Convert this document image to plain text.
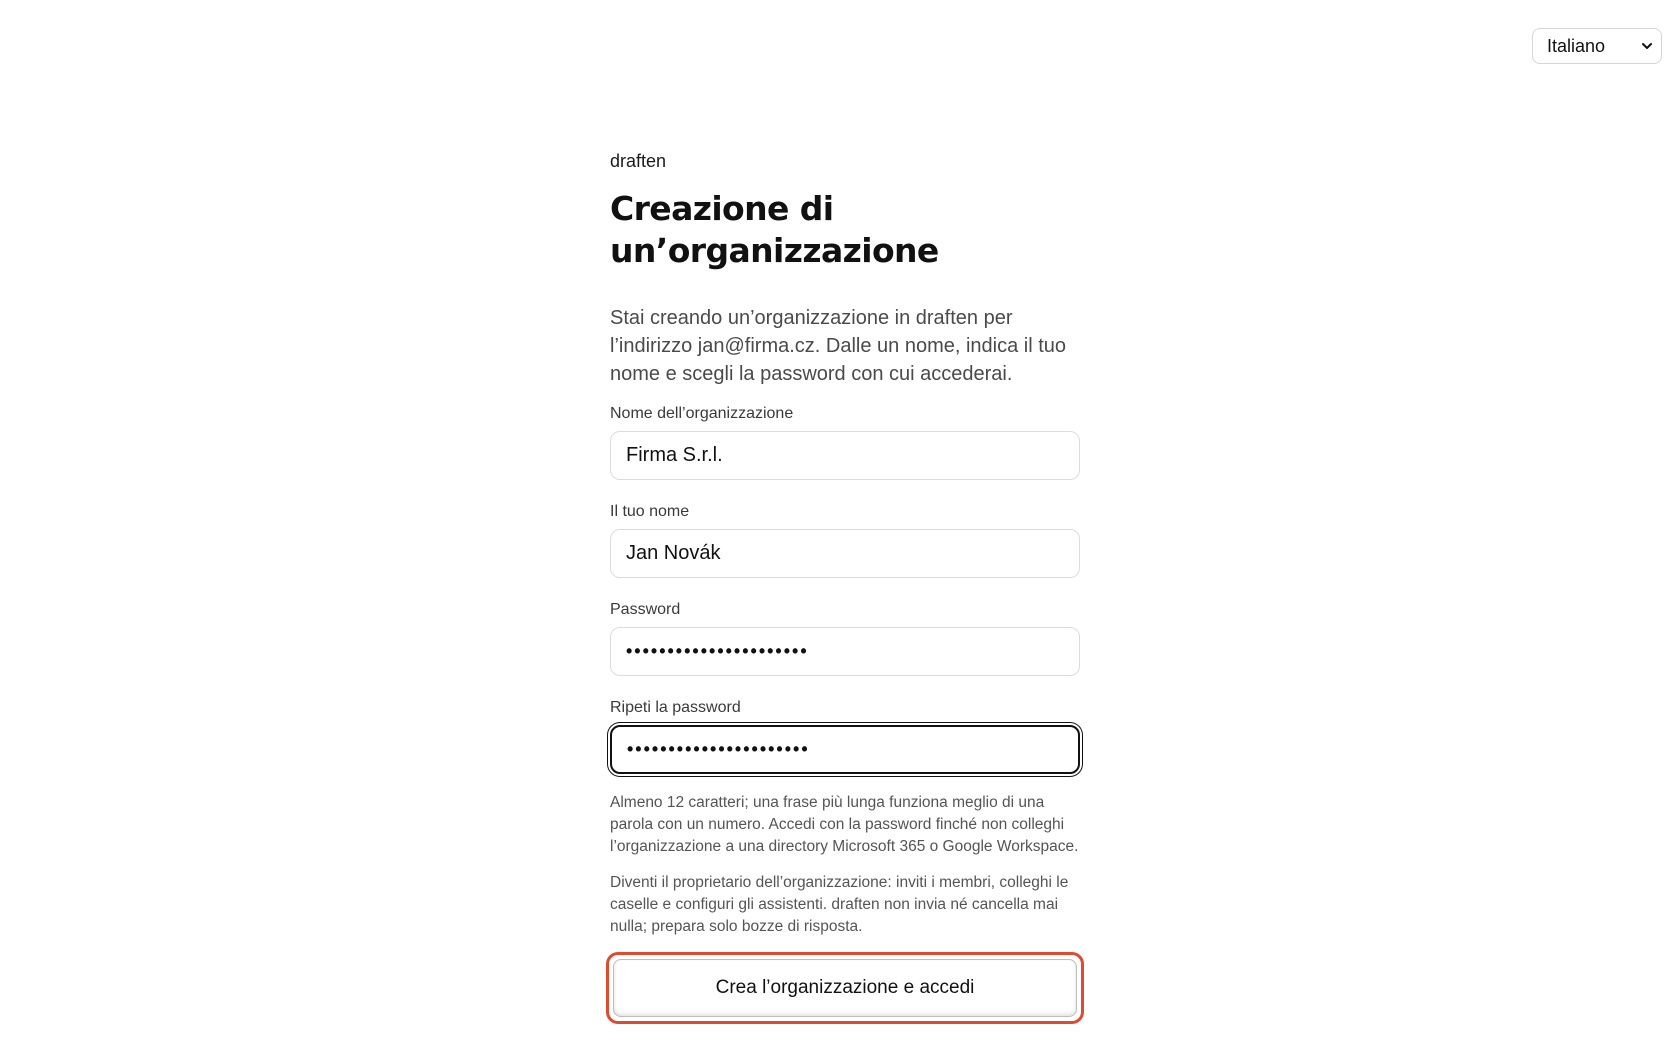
Italiano
draften
Creazione di un’organizzazione

Stai creando un’organizzazione in draften per l’indirizzo jan@firma.cz. Dalle un nome, indica il tuo nome e scegli la password con cui accederai.

Nome dell’organizzazione
Firma S.r.l.
Il tuo nome
Jan Novák
Password
••••••••••••••••••••••
Ripeti la password
••••••••••••••••••••••

Almeno 12 caratteri; una frase più lunga funziona meglio di una parola con un numero. Accedi con la password finché non colleghi l’organizzazione a una directory Microsoft 365 o Google Workspace.

Diventi il proprietario dell’organizzazione: inviti i membri, colleghi le caselle e configuri gli assistenti. draften non invia né cancella mai nulla; prepara solo bozze di risposta.

Crea l’organizzazione e accedi
